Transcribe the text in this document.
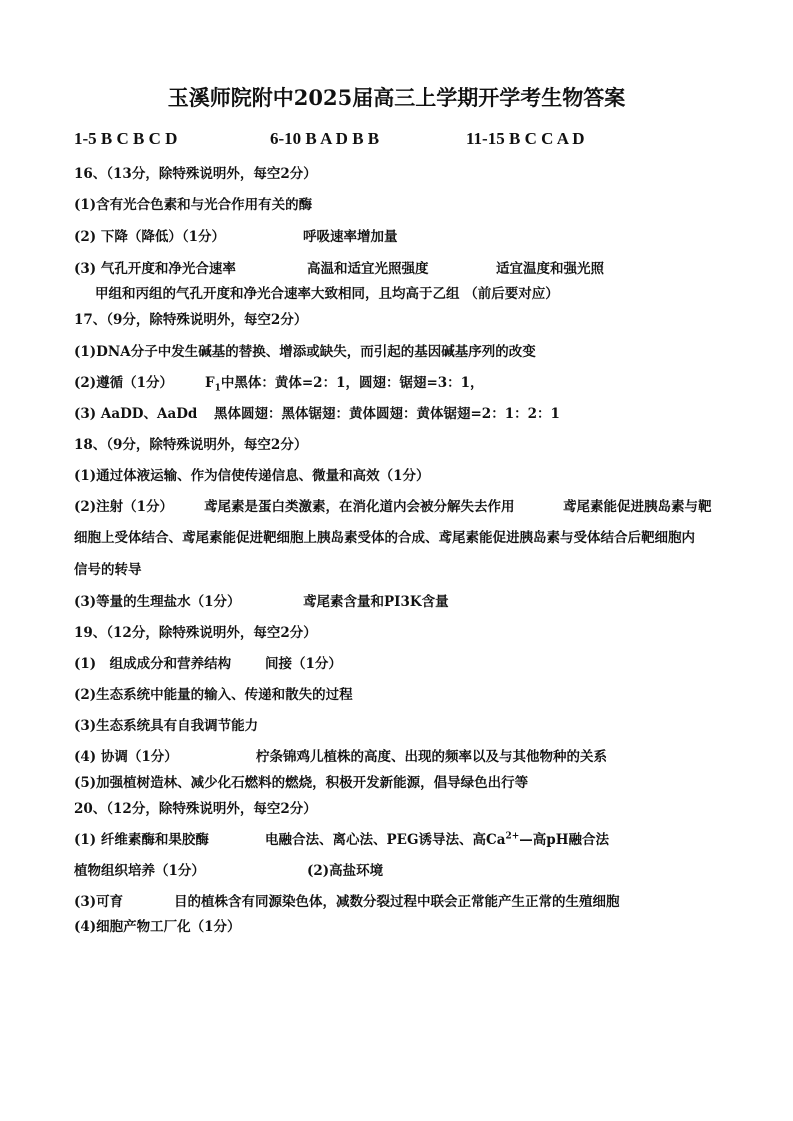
玉溪师院附中2025届高三上学期开学考生物答案
1-5 B C B C D	6-10 B A D B B	11-15 B C C A D
16、（13分，除特殊说明外，每空2分）
(1)含有光合色素和与光合作用有关的酶
(2) 下降（降低）（1分）	呼吸速率增加量
(3) 气孔开度和净光合速率	高温和适宜光照强度	适宜温度和强光照
甲组和丙组的气孔开度和净光合速率大致相同，且均高于乙组 （前后要对应）
17、（9分，除特殊说明外，每空2分）
(1)DNA分子中发生碱基的替换、增添或缺失，而引起的基因碱基序列的改变
(2)遵循（1分） $F_1$中黑体：黄体=2：1，圆翅：锯翅=3：1，
(3) AaDD、AaDd 黑体圆翅：黑体锯翅：黄体圆翅：黄体锯翅=2：1：2：1
18、（9分，除特殊说明外，每空2分）
(1)通过体液运输、作为信使传递信息、微量和高效（1分）
(2)注射（1分） 鸢尾素是蛋白类激素，在消化道内会被分解失去作用	鸢尾素能促进胰岛素与靶
细胞上受体结合、鸢尾素能促进靶细胞上胰岛素受体的合成、鸢尾素能促进胰岛素与受体结合后靶细胞内
信号的转导
(3)等量的生理盐水（1分）	鸢尾素含量和PI3K含量
19、（12分，除特殊说明外，每空2分）
(1)　组成成分和营养结构	间接（1分）
(2)生态系统中能量的输入、传递和散失的过程
(3)生态系统具有自我调节能力
(4) 协调（1分）	柠条锦鸡儿植株的高度、出现的频率以及与其他物种的关系
(5)加强植树造林、减少化石燃料的燃烧，积极开发新能源，倡导绿色出行等
20、（12分，除特殊说明外，每空2分）
(1) 纤维素酶和果胶酶	电融合法、离心法、PEG诱导法、高$Ca^{2+}—$高pH融合法
植物组织培养（1分）	(2)高盐环境
(3)可育	目的植株含有同源染色体，减数分裂过程中联会正常能产生正常的生殖细胞
(4)细胞产物工厂化（1分）
